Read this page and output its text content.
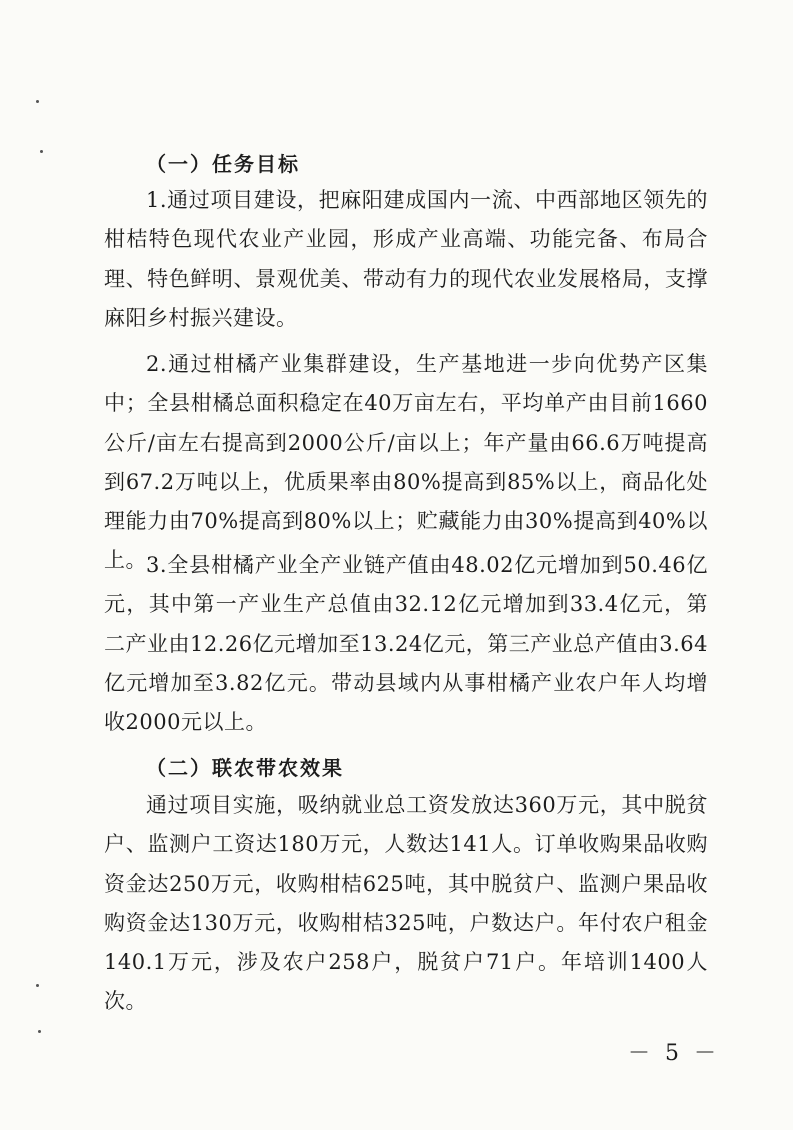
（一）任务目标

1.通过项目建设，把麻阳建成国内一流、中西部地区领先的柑桔特色现代农业产业园，形成产业高端、功能完备、布局合理、特色鲜明、景观优美、带动有力的现代农业发展格局，支撑麻阳乡村振兴建设。

2.通过柑橘产业集群建设，生产基地进一步向优势产区集中；全县柑橘总面积稳定在40万亩左右，平均单产由目前1660公斤/亩左右提高到2000公斤/亩以上；年产量由66.6万吨提高到67.2万吨以上，优质果率由80%提高到85%以上，商品化处理能力由70%提高到80%以上；贮藏能力由30%提高到40%以上。 3.全县柑橘产业全产业链产值由48.02亿元增加到50.46亿元，其中第一产业生产总值由32.12亿元增加到33.4亿元，第二产业由12.26亿元增加至13.24亿元，第三产业总产值由3.64亿元增加至3.82亿元。带动县域内从事柑橘产业农户年人均增收2000元以上。

（二）联农带农效果

通过项目实施，吸纳就业总工资发放达360万元，其中脱贫户、监测户工资达180万元，人数达141人。订单收购果品收购资金达250万元，收购柑桔625吨，其中脱贫户、监测户果品收购资金达130万元，收购柑桔325吨，户数达户。年付农户租金140.1万元，涉及农户258户，脱贫户71户。年培训1400人次。

－ 5 －
